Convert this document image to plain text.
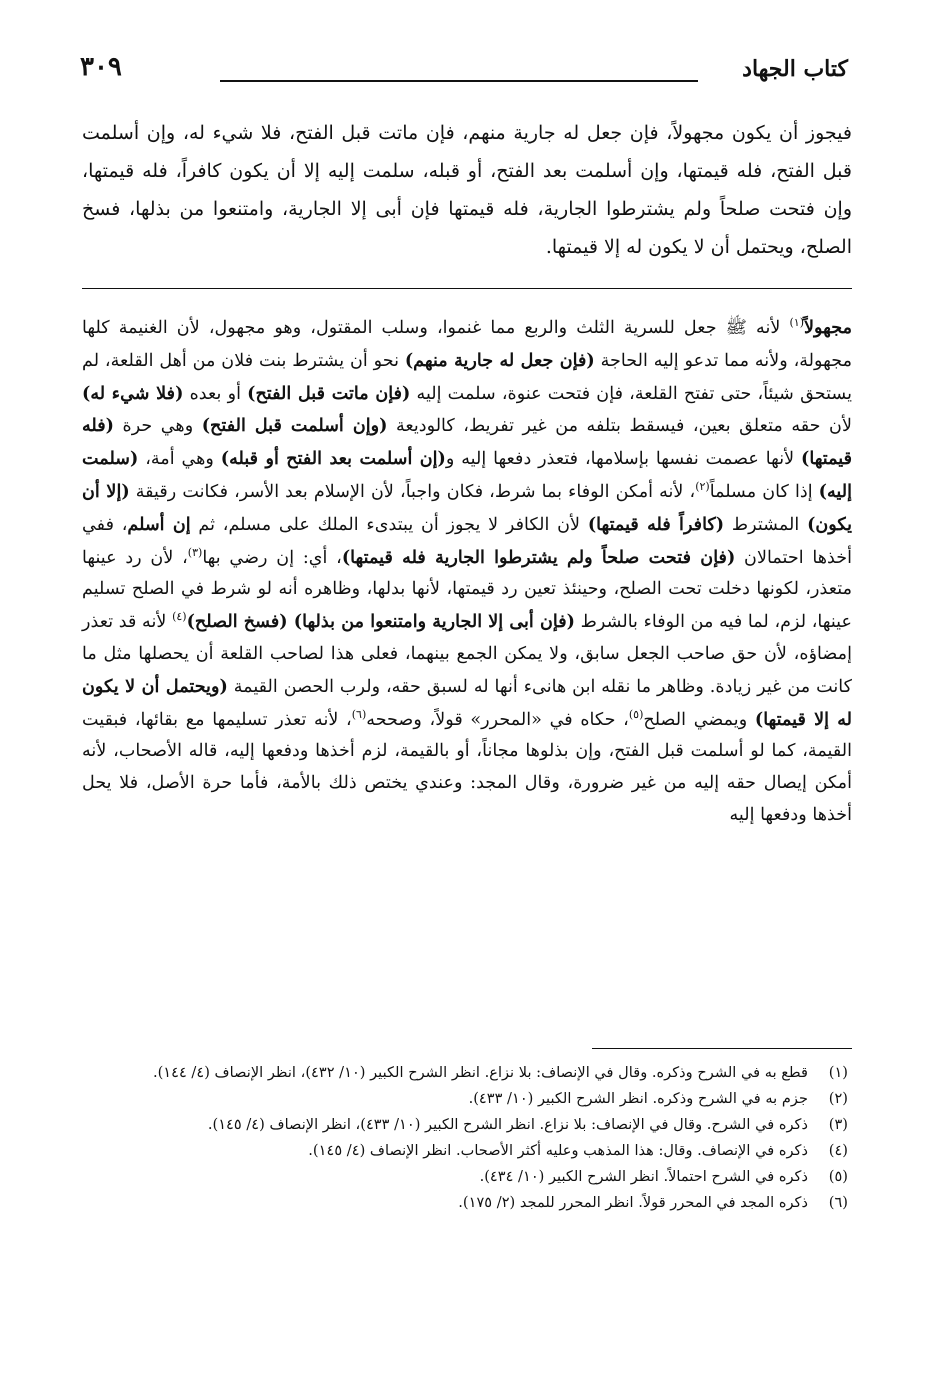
٣٠٩	كتاب الجهاد

فيجوز أن يكون مجهولاً، فإن جعل له جارية منهم، فإن ماتت قبل الفتح، فلا شيء له، وإن أسلمت قبل الفتح، فله قيمتها، وإن أسلمت بعد الفتح، أو قبله، سلمت إليه إلا أن يكون كافراً، فله قيمتها، وإن فتحت صلحاً ولم يشترطوا الجارية، فله قيمتها فإن أبى إلا الجارية، وامتنعوا من بذلها، فسخ الصلح، ويحتمل أن لا يكون له إلا قيمتها.

مجهولاً$^{(١)}$ لأنه ﷺ جعل للسرية الثلث والربع مما غنموا، وسلب المقتول، وهو مجهول، لأن الغنيمة كلها مجهولة، ولأنه مما تدعو إليه الحاجة (فإن جعل له جارية منهم) نحو أن يشترط بنت فلان من أهل القلعة، لم يستحق شيئاً، حتى تفتح القلعة، فإن فتحت عنوة، سلمت إليه (فإن ماتت قبل الفتح) أو بعده (فلا شيء له) لأن حقه متعلق بعين، فيسقط بتلفه من غير تفريط، كالوديعة (وإن أسلمت قبل الفتح) وهي حرة (فله قيمتها) لأنها عصمت نفسها بإسلامها، فتعذر دفعها إليه و(إن أسلمت بعد الفتح أو قبله) وهي أمة، (سلمت إليه) إذا كان مسلماً$^{(٢)}$، لأنه أمكن الوفاء بما شرط، فكان واجباً، لأن الإسلام بعد الأسر، فكانت رقيقة (إلا أن يكون) المشترط (كافراً فله قيمتها) لأن الكافر لا يجوز أن يبتدىء الملك على مسلم، ثم إن أسلم، ففي أخذها احتمالان (فإن فتحت صلحاً ولم يشترطوا الجارية فله قيمتها)، أي: إن رضي بها$^{(٣)}$، لأن رد عينها متعذر، لكونها دخلت تحت الصلح، وحينئذ تعين رد قيمتها، لأنها بدلها، وظاهره أنه لو شرط في الصلح تسليم عينها، لزم، لما فيه من الوفاء بالشرط (فإن أبى إلا الجارية وامتنعوا من بذلها) (فسخ الصلح)$^{(٤)}$ لأنه قد تعذر إمضاؤه، لأن حق صاحب الجعل سابق، ولا يمكن الجمع بينهما، فعلى هذا لصاحب القلعة أن يحصلها مثل ما كانت من غير زيادة. وظاهر ما نقله ابن هانىء أنها له لسبق حقه، ولرب الحصن القيمة (ويحتمل أن لا يكون له إلا قيمتها) ويمضي الصلح$^{(٥)}$، حكاه في «المحرر» قولاً، وصححه$^{(٦)}$، لأنه تعذر تسليمها مع بقائها، فبقيت القيمة، كما لو أسلمت قبل الفتح، وإن بذلوها مجاناً، أو بالقيمة، لزم أخذها ودفعها إليه، قاله الأصحاب، لأنه أمكن إيصال حقه إليه من غير ضرورة، وقال المجد: وعندي يختص ذلك بالأمة، فأما حرة الأصل، فلا يحل أخذها ودفعها إليه

(١)
قطع به في الشرح وذكره. وقال في الإنصاف: بلا نزاع. انظر الشرح الكبير (١٠/ ٤٣٢)، انظر الإنصاف (٤/ ١٤٤).
(٢)
جزم به في الشرح وذكره. انظر الشرح الكبير (١٠/ ٤٣٣).
(٣)
ذكره في الشرح. وقال في الإنصاف: بلا نزاع. انظر الشرح الكبير (١٠/ ٤٣٣)، انظر الإنصاف (٤/ ١٤٥).
(٤)
ذكره في الإنصاف. وقال: هذا المذهب وعليه أكثر الأصحاب. انظر الإنصاف (٤/ ١٤٥).
(٥)
ذكره في الشرح احتمالاً. انظر الشرح الكبير (١٠/ ٤٣٤).
(٦)
ذكره المجد في المحرر قولاً. انظر المحرر للمجد (٢/ ١٧٥).
